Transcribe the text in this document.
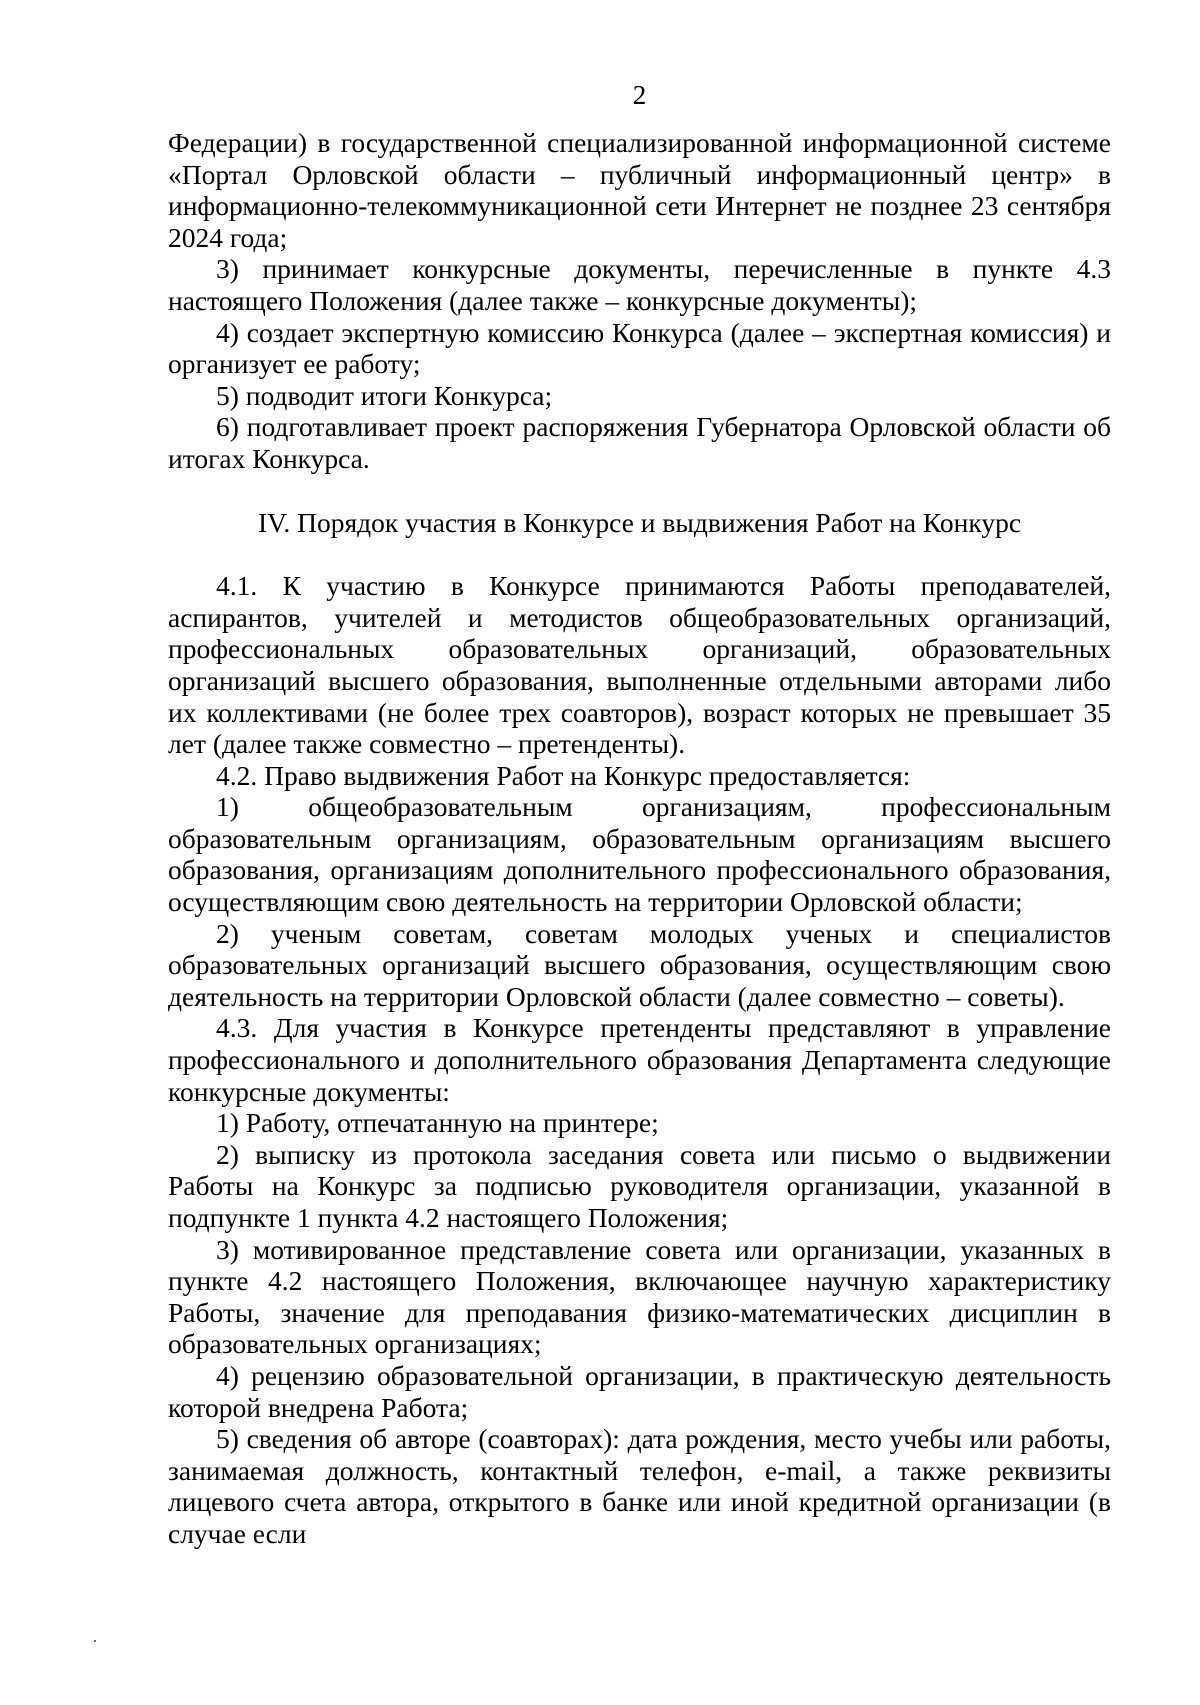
2

Федерации) в государственной специализированной информационной системе «Портал Орловской области – публичный информационный центр» в информационно-телекоммуникационной сети Интернет не позднее 23 сентября 2024 года;

3) принимает конкурсные документы, перечисленные в пункте 4.3 настоящего Положения (далее также – конкурсные документы);

4) создает экспертную комиссию Конкурса (далее – экспертная комиссия) и организует ее работу;

5) подводит итоги Конкурса;

6) подготавливает проект распоряжения Губернатора Орловской области об итогах Конкурса.

IV. Порядок участия в Конкурсе и выдвижения Работ на Конкурс

4.1. К участию в Конкурсе принимаются Работы преподавателей, аспирантов, учителей и методистов общеобразовательных организаций, профессиональных образовательных организаций, образовательных организаций высшего образования, выполненные отдельными авторами либо их коллективами (не более трех соавторов), возраст которых не превышает 35 лет (далее также совместно – претенденты).

4.2. Право выдвижения Работ на Конкурс предоставляется:

1) общеобразовательным организациям, профессиональным образовательным организациям, образовательным организациям высшего образования, организациям дополнительного профессионального образования, осуществляющим свою деятельность на территории Орловской области;

2) ученым советам, советам молодых ученых и специалистов образовательных организаций высшего образования, осуществляющим свою деятельность на территории Орловской области (далее совместно – советы).

4.3. Для участия в Конкурсе претенденты представляют в управление профессионального и дополнительного образования Департамента следующие конкурсные документы:

1) Работу, отпечатанную на принтере;

2) выписку из протокола заседания совета или письмо о выдвижении Работы на Конкурс за подписью руководителя организации, указанной в подпункте 1 пункта 4.2 настоящего Положения;

3) мотивированное представление совета или организации, указанных в пункте 4.2 настоящего Положения, включающее научную характеристику Работы, значение для преподавания физико-математических дисциплин в образовательных организациях;

4) рецензию образовательной организации, в практическую деятельность которой внедрена Работа;

5) сведения об авторе (соавторах): дата рождения, место учебы или работы, занимаемая должность, контактный телефон, e-mail, а также реквизиты лицевого счета автора, открытого в банке или иной кредитной организации (в случае если
